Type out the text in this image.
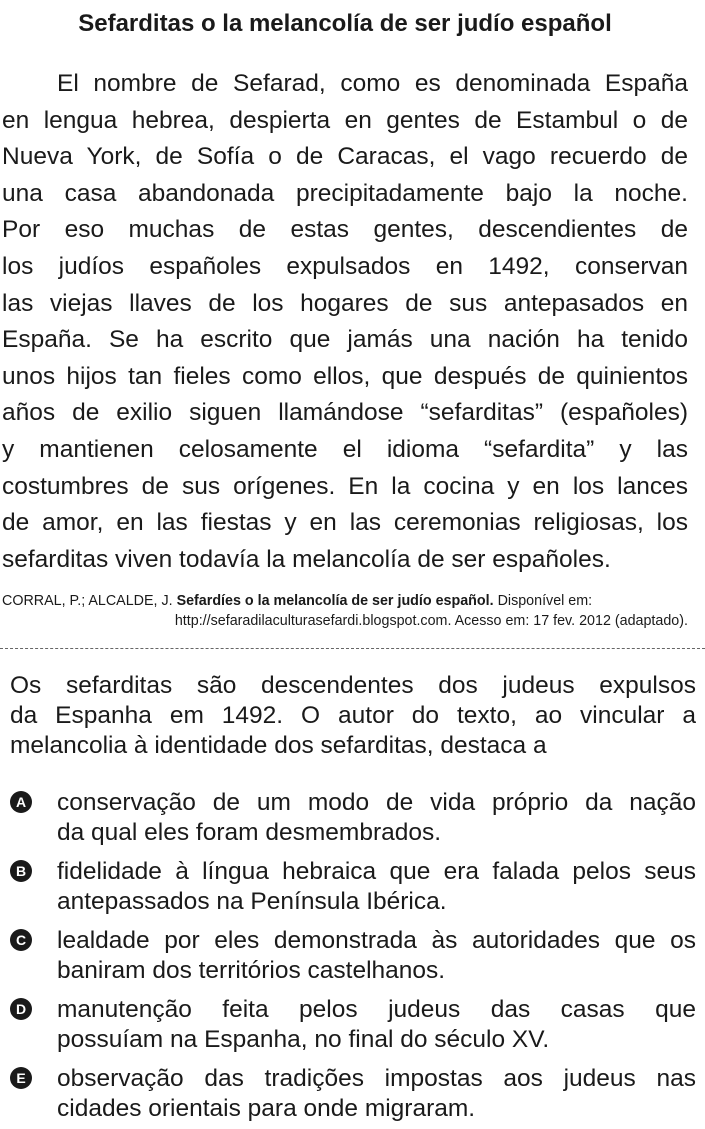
Sefarditas o la melancolía de ser judío español

El nombre de Sefarad, como es denominada España
en lengua hebrea, despierta en gentes de Estambul o de
Nueva York, de Sofía o de Caracas, el vago recuerdo de
una casa abandonada precipitadamente bajo la noche.
Por eso muchas de estas gentes, descendientes de
los judíos españoles expulsados en 1492, conservan
las viejas llaves de los hogares de sus antepasados en
España. Se ha escrito que jamás una nación ha tenido
unos hijos tan fieles como ellos, que después de quinientos
años de exilio siguen llamándose “sefarditas” (españoles)
y mantienen celosamente el idioma “sefardita” y las
costumbres de sus orígenes. En la cocina y en los lances
de amor, en las fiestas y en las ceremonias religiosas, los
sefarditas viven todavía la melancolía de ser españoles.

CORRAL, P.; ALCALDE, J. Sefardíes o la melancolía de ser judío español. Disponível em:
http://sefaradilaculturasefardi.blogspot.com. Acesso em: 17 fev. 2012 (adaptado).

Os sefarditas são descendentes dos judeus expulsos
da Espanha em 1492. O autor do texto, ao vincular a
melancolia à identidade dos sefarditas, destaca a

A conservação de um modo de vida próprio da nação
da qual eles foram desmembrados.
B fidelidade à língua hebraica que era falada pelos seus
antepassados na Península Ibérica.
C lealdade por eles demonstrada às autoridades que os
baniram dos territórios castelhanos.
D manutenção feita pelos judeus das casas que
possuíam na Espanha, no final do século XV.
E observação das tradições impostas aos judeus nas
cidades orientais para onde migraram.
